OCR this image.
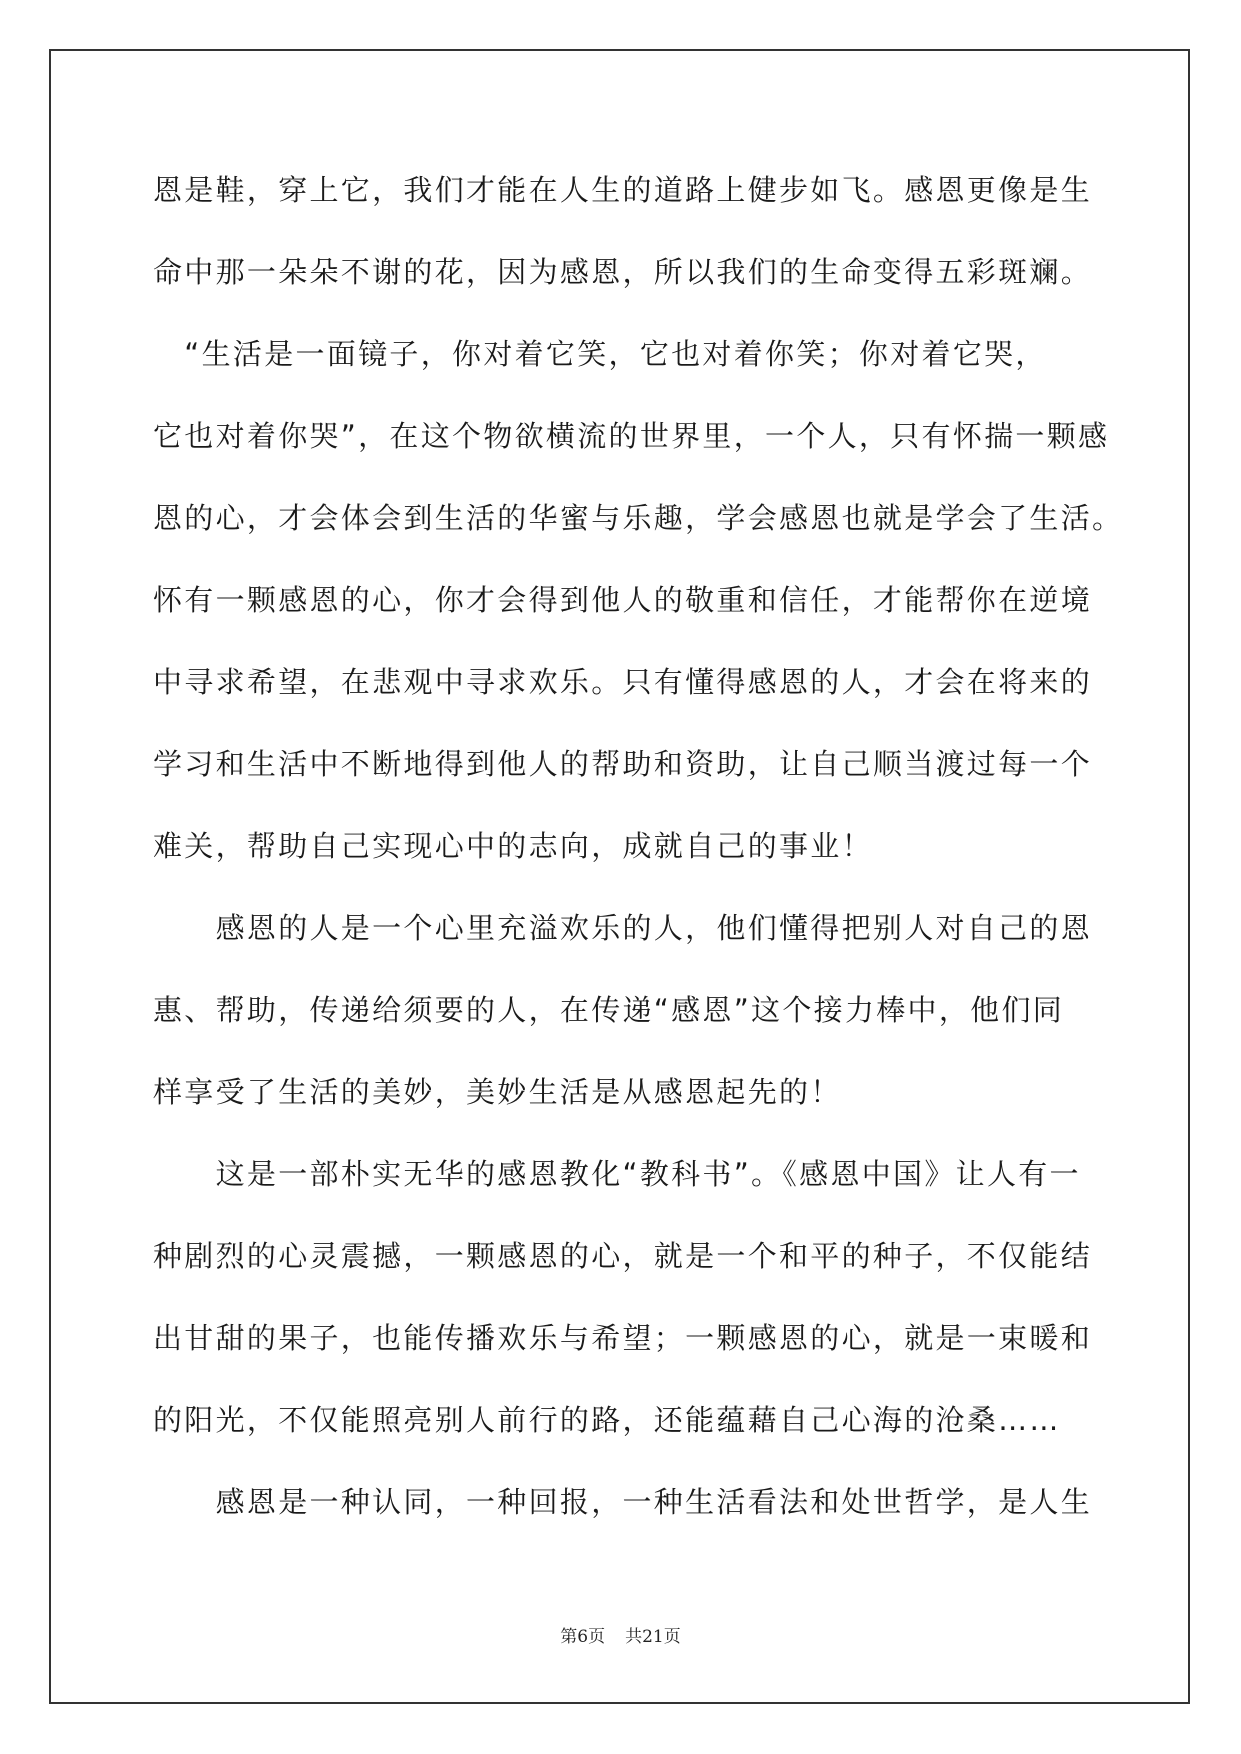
恩是鞋，穿上它，我们才能在人生的道路上健步如飞。感恩更像是生
命中那一朵朵不谢的花，因为感恩，所以我们的生命变得五彩斑斓。
　“生活是一面镜子，你对着它笑，它也对着你笑；你对着它哭，
它也对着你哭”，在这个物欲横流的世界里，一个人，只有怀揣一颗感
恩的心，才会体会到生活的华蜜与乐趣，学会感恩也就是学会了生活。
怀有一颗感恩的心，你才会得到他人的敬重和信任，才能帮你在逆境
中寻求希望，在悲观中寻求欢乐。只有懂得感恩的人，才会在将来的
学习和生活中不断地得到他人的帮助和资助，让自己顺当渡过每一个
难关，帮助自己实现心中的志向，成就自己的事业！
　　感恩的人是一个心里充溢欢乐的人，他们懂得把别人对自己的恩
惠、帮助，传递给须要的人，在传递“感恩”这个接力棒中，他们同
样享受了生活的美妙，美妙生活是从感恩起先的！
　　这是一部朴实无华的感恩教化“教科书”。《感恩中国》让人有一
种剧烈的心灵震撼，一颗感恩的心，就是一个和平的种子，不仅能结
出甘甜的果子，也能传播欢乐与希望；一颗感恩的心，就是一束暖和
的阳光，不仅能照亮别人前行的路，还能蕴藉自己心海的沧桑……
　　感恩是一种认同，一种回报，一种生活看法和处世哲学，是人生
第6页 共21页
